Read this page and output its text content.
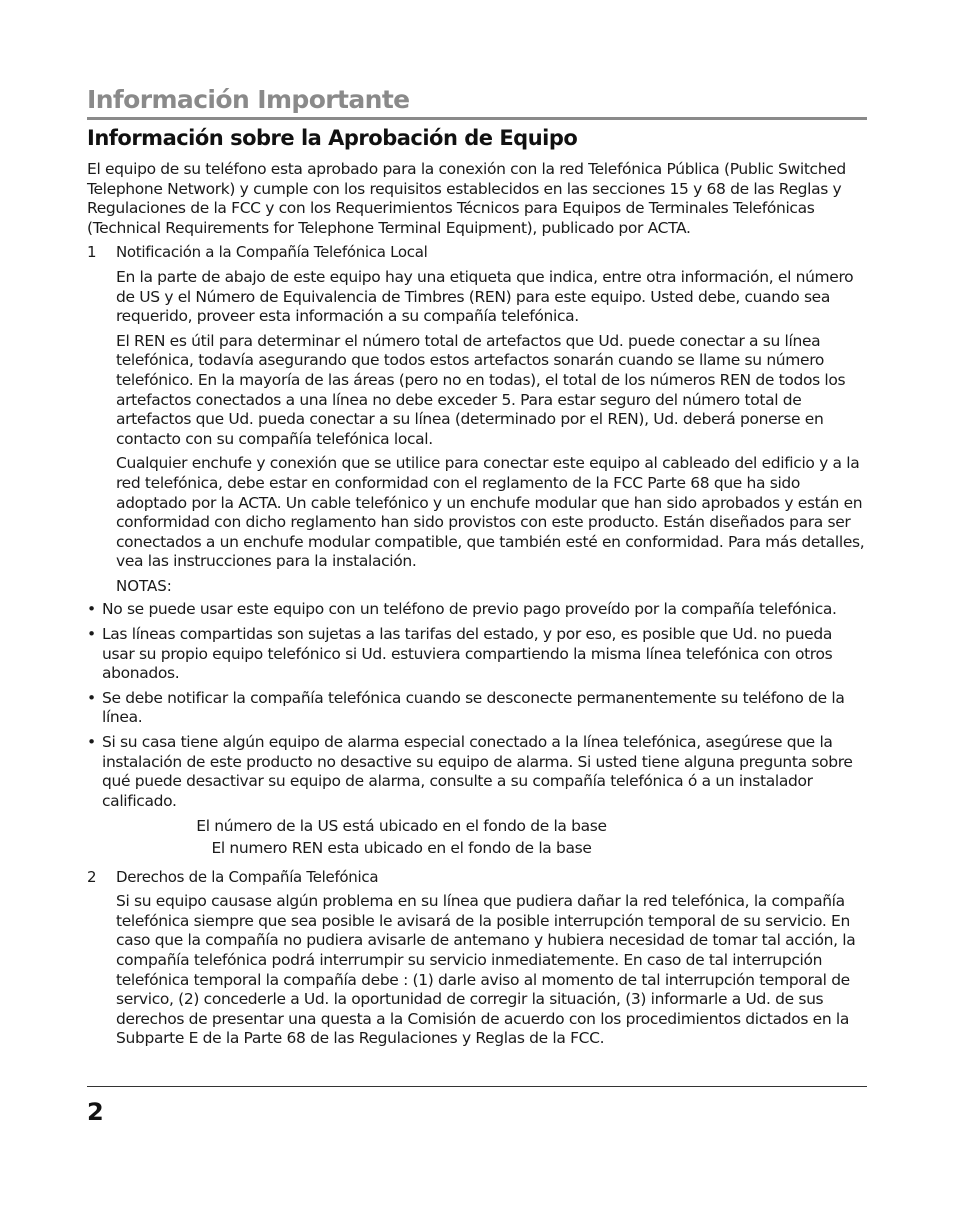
Información Importante
Información sobre la Aprobación de Equipo

El equipo de su teléfono esta aprobado para la conexión con la red Telefónica Pública (Public Switched Telephone Network) y cumple con los requisitos establecidos en las secciones 15 y 68 de las Reglas y Regulaciones de la FCC y con los Requerimientos Técnicos para Equipos de Terminales Telefónicas (Technical Requirements for Telephone Terminal Equipment), publicado por ACTA.

1	Notificación a la Compañía Telefónica Local

En la parte de abajo de este equipo hay una etiqueta que indica, entre otra información, el número de US y el Número de Equivalencia de Timbres (REN) para este equipo. Usted debe, cuando sea requerido, proveer esta información a su compañía telefónica.

El REN es útil para determinar el número total de artefactos que Ud. puede conectar a su línea telefónica, todavía asegurando que todos estos artefactos sonarán cuando se llame su número telefónico. En la mayoría de las áreas (pero no en todas), el total de los números REN de todos los artefactos conectados a una línea no debe exceder 5. Para estar seguro del número total de artefactos que Ud. pueda conectar a su línea (determinado por el REN), Ud. deberá ponerse en contacto con su compañía telefónica local.

Cualquier enchufe y conexión que se utilice para conectar este equipo al cableado del edificio y a la red telefónica, debe estar en conformidad con el reglamento de la FCC Parte 68 que ha sido adoptado por la ACTA. Un cable telefónico y un enchufe modular que han sido aprobados y están en conformidad con dicho reglamento han sido provistos con este producto. Están diseñados para ser conectados a un enchufe modular compatible, que también esté en conformidad. Para más detalles, vea las instrucciones para la instalación.

NOTAS:
• No se puede usar este equipo con un teléfono de previo pago proveído por la compañía telefónica.
• Las líneas compartidas son sujetas a las tarifas del estado, y por eso, es posible que Ud. no pueda usar su propio equipo telefónico si Ud. estuviera compartiendo la misma línea telefónica con otros abonados.
• Se debe notificar la compañía telefónica cuando se desconecte permanentemente su teléfono de la línea.
• Si su casa tiene algún equipo de alarma especial conectado a la línea telefónica, asegúrese que la instalación de este producto no desactive su equipo de alarma. Si usted tiene alguna pregunta sobre qué puede desactivar su equipo de alarma, consulte a su compañía telefónica ó a un instalador calificado.
El número de la US está ubicado en el fondo de la base
El numero REN esta ubicado en el fondo de la base
2	Derechos de la Compañía Telefónica

Si su equipo causase algún problema en su línea que pudiera dañar la red telefónica, la compañía telefónica siempre que sea posible le avisará de la posible interrupción temporal de su servicio. En caso que la compañía no pudiera avisarle de antemano y hubiera necesidad de tomar tal acción, la compañía telefónica podrá interrumpir su servicio inmediatemente. En caso de tal interrupción telefónica temporal la compañía debe : (1) darle aviso al momento de tal interrupción temporal de servico, (2) concederle a Ud. la oportunidad de corregir la situación, (3) informarle a Ud. de sus derechos de presentar una questa a la Comisión de acuerdo con los procedimientos dictados en la Subparte E de la Parte 68 de las Regulaciones y Reglas de la FCC.

2
